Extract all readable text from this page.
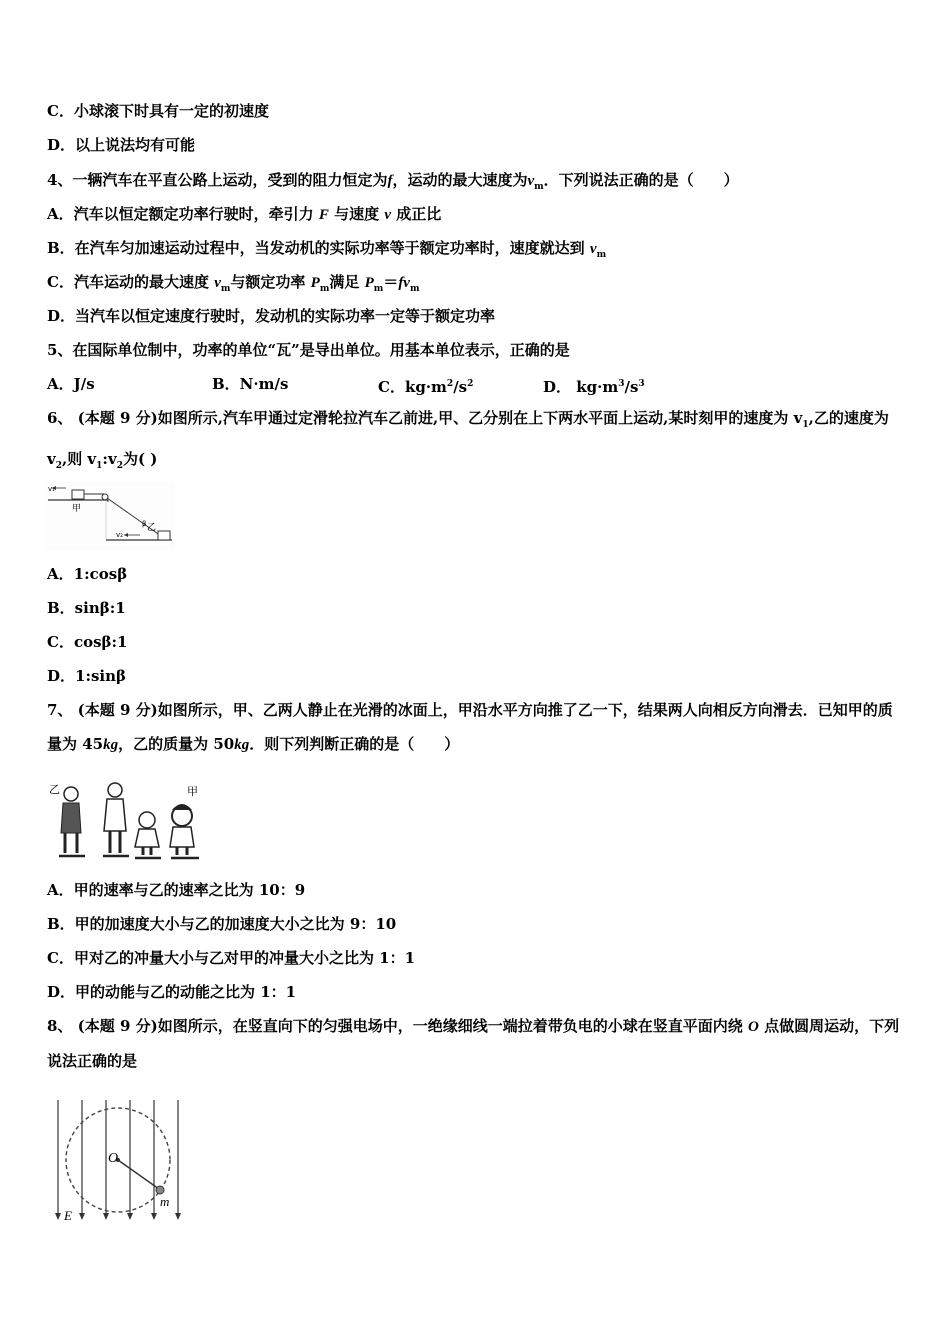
C．小球滚下时具有一定的初速度
D．以上说法均有可能
4、一辆汽车在平直公路上运动，受到的阻力恒定为f，运动的最大速度为$v_m$．下列说法正确的是（　　）
A．汽车以恒定额定功率行驶时，牵引力 F 与速度 v 成正比
B．在汽车匀加速运动过程中，当发动机的实际功率等于额定功率时，速度就达到 $v_m$
C．汽车运动的最大速度 $v_m$与额定功率 $P_m$满足 $P_m=fv_m$
D．当汽车以恒定速度行驶时，发动机的实际功率一定等于额定功率
5、在国际单位制中，功率的单位“瓦”是导出单位。用基本单位表示，正确的是
A．J/s	B．N·m/s	C．$kg\cdot m^2/s^2$	D． $kg\cdot m^3/s^3$
6、 (本题 9 分)如图所示,汽车甲通过定滑轮拉汽车乙前进,甲、乙分别在上下两水平面上运动,某时刻甲的速度为 $v_1$,乙的速度为 $v_2$,则 $v_1:v_2$为( )
v₁
甲
乙
v₂
β
A．1:cosβ
B．sinβ:1
C．cosβ:1
D．1:sinβ
7、 (本题 9 分)如图所示，甲、乙两人静止在光滑的冰面上，甲沿水平方向推了乙一下，结果两人向相反方向滑去．已知甲的质量为 45kg，乙的质量为 50kg．则下列判断正确的是（　　）
乙	甲
A．甲的速率与乙的速率之比为 10：9
B．甲的加速度大小与乙的加速度大小之比为 9：10
C．甲对乙的冲量大小与乙对甲的冲量大小之比为 1：1
D．甲的动能与乙的动能之比为 1：1
8、 (本题 9 分)如图所示，在竖直向下的匀强电场中，一绝缘细线一端拉着带负电的小球在竖直平面内绕 O 点做圆周运动，下列说法正确的是
O
m
E
